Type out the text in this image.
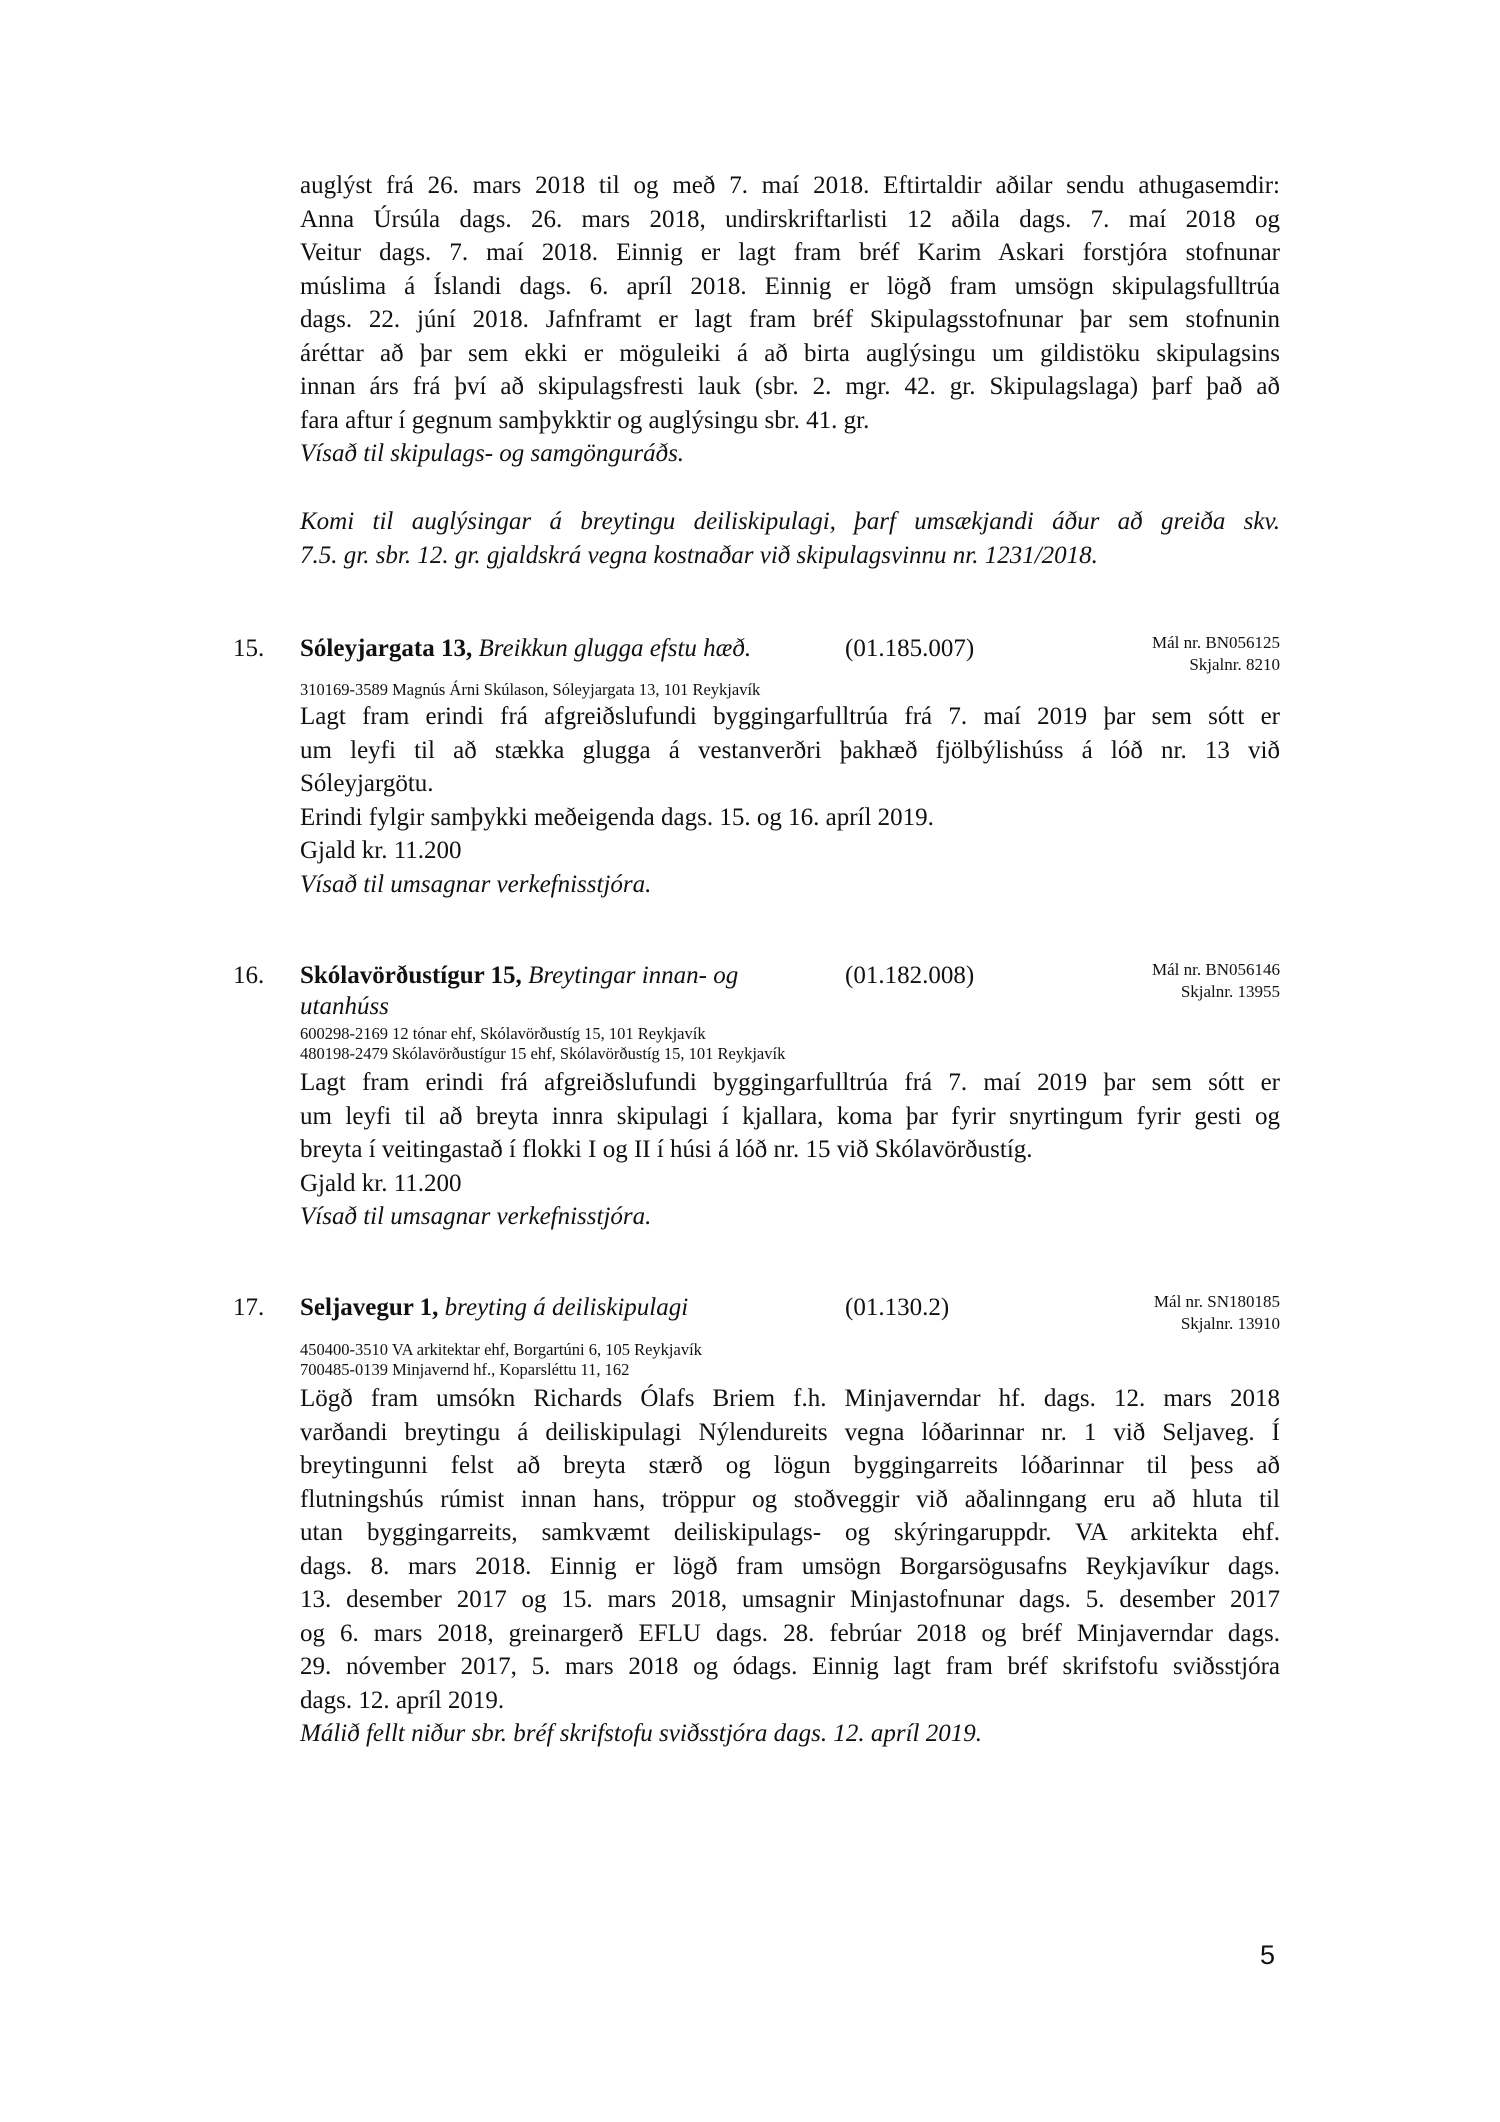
auglýst frá 26. mars 2018 til og með 7. maí 2018. Eftirtaldir aðilar sendu athugasemdir:
Anna Úrsúla dags. 26. mars 2018, undirskriftarlisti 12 aðila dags. 7. maí 2018 og
Veitur dags. 7. maí 2018. Einnig er lagt fram bréf Karim Askari forstjóra stofnunar
múslima á Íslandi dags. 6. apríl 2018. Einnig er lögð fram umsögn skipulagsfulltrúa
dags. 22. júní 2018. Jafnframt er lagt fram bréf Skipulagsstofnunar þar sem stofnunin
áréttar að þar sem ekki er möguleiki á að birta auglýsingu um gildistöku skipulagsins
innan árs frá því að skipulagsfresti lauk (sbr. 2. mgr. 42. gr. Skipulagslaga) þarf það að
fara aftur í gegnum samþykktir og auglýsingu sbr. 41. gr.
Vísað til skipulags- og samgönguráðs.
Komi til auglýsingar á breytingu deiliskipulagi, þarf umsækjandi áður að greiða skv.
7.5. gr. sbr. 12. gr. gjaldskrá vegna kostnaðar við skipulagsvinnu nr. 1231/2018.
15. Sóleyjargata 13, Breikkun glugga efstu hæð.	(01.185.007)	Mál nr. BN056125
Skjalnr. 8210
310169-3589 Magnús Árni Skúlason, Sóleyjargata 13, 101 Reykjavík
Lagt fram erindi frá afgreiðslufundi byggingarfulltrúa frá 7. maí 2019 þar sem sótt er
um leyfi til að stækka glugga á vestanverðri þakhæð fjölbýlishúss á lóð nr. 13 við
Sóleyjargötu.
Erindi fylgir samþykki meðeigenda dags. 15. og 16. apríl 2019.
Gjald kr. 11.200
Vísað til umsagnar verkefnisstjóra.
16. Skólavörðustígur 15, Breytingar innan- og
utanhúss
(01.182.008)	Mál nr. BN056146
Skjalnr. 13955
600298-2169 12 tónar ehf, Skólavörðustíg 15, 101 Reykjavík
480198-2479 Skólavörðustígur 15 ehf, Skólavörðustíg 15, 101 Reykjavík
Lagt fram erindi frá afgreiðslufundi byggingarfulltrúa frá 7. maí 2019 þar sem sótt er
um leyfi til að breyta innra skipulagi í kjallara, koma þar fyrir snyrtingum fyrir gesti og
breyta í veitingastað í flokki I og II í húsi á lóð nr. 15 við Skólavörðustíg.
Gjald kr. 11.200
Vísað til umsagnar verkefnisstjóra.
17. Seljavegur 1, breyting á deiliskipulagi	(01.130.2)	Mál nr. SN180185
Skjalnr. 13910
450400-3510 VA arkitektar ehf, Borgartúni 6, 105 Reykjavík
700485-0139 Minjavernd hf., Koparsléttu 11, 162
Lögð fram umsókn Richards Ólafs Briem f.h. Minjaverndar hf. dags. 12. mars 2018
varðandi breytingu á deiliskipulagi Nýlendureits vegna lóðarinnar nr. 1 við Seljaveg. Í
breytingunni felst að breyta stærð og lögun byggingarreits lóðarinnar til þess að
flutningshús rúmist innan hans, tröppur og stoðveggir við aðalinngang eru að hluta til
utan byggingarreits, samkvæmt deiliskipulags- og skýringaruppdr. VA arkitekta ehf.
dags. 8. mars 2018. Einnig er lögð fram umsögn Borgarsögusafns Reykjavíkur dags.
13. desember 2017 og 15. mars 2018, umsagnir Minjastofnunar dags. 5. desember 2017
og 6. mars 2018, greinargerð EFLU dags. 28. febrúar 2018 og bréf Minjaverndar dags.
29. nóvember 2017, 5. mars 2018 og ódags. Einnig lagt fram bréf skrifstofu sviðsstjóra
dags. 12. apríl 2019.
Málið fellt niður sbr. bréf skrifstofu sviðsstjóra dags. 12. apríl 2019.
5
